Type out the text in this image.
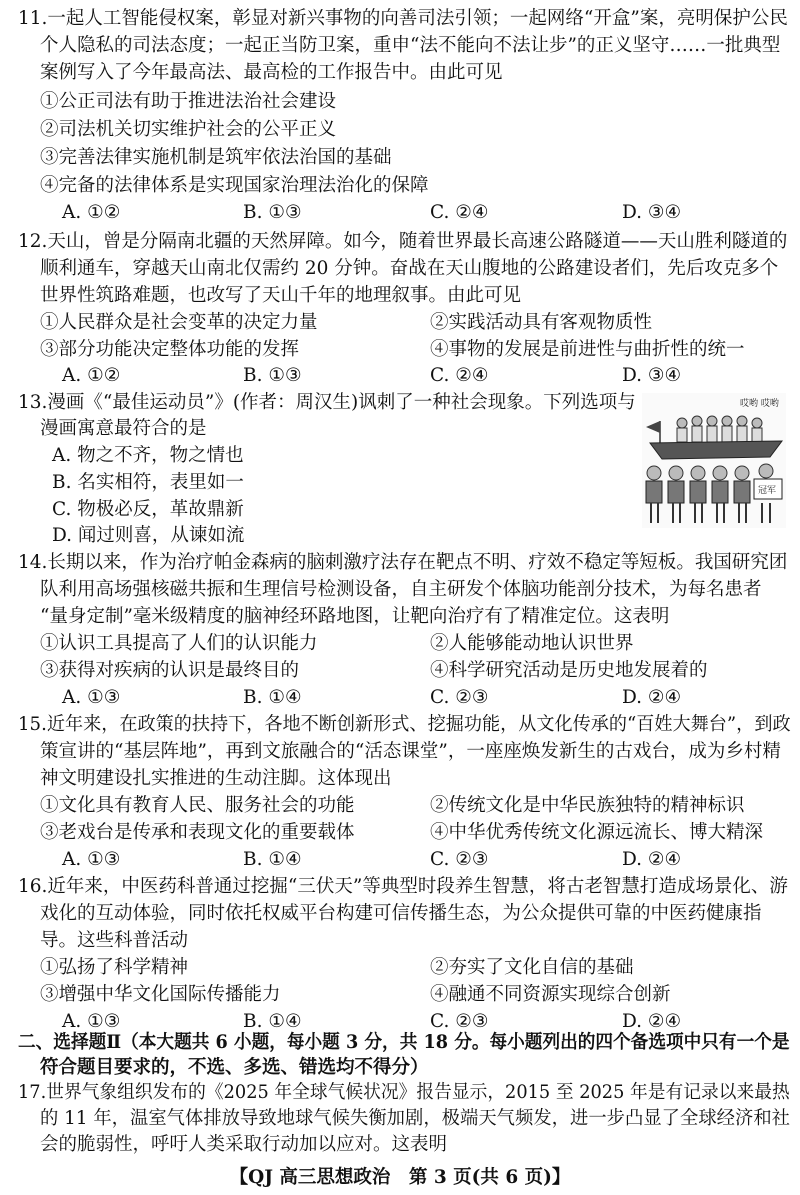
11.一起人工智能侵权案，彰显对新兴事物的向善司法引领；一起网络“开盒”案，亮明保护公民
个人隐私的司法态度；一起正当防卫案，重申“法不能向不法让步”的正义坚守……一批典型
案例写入了今年最高法、最高检的工作报告中。由此可见
①公正司法有助于推进法治社会建设
②司法机关切实维护社会的公平正义
③完善法律实施机制是筑牢依法治国的基础
④完备的法律体系是实现国家治理法治化的保障
A. ①②	B. ①③	C. ②④	D. ③④
12.天山，曾是分隔南北疆的天然屏障。如今，随着世界最长高速公路隧道——天山胜利隧道的
顺利通车，穿越天山南北仅需约 20 分钟。奋战在天山腹地的公路建设者们，先后攻克多个
世界性筑路难题，也改写了天山千年的地理叙事。由此可见
①人民群众是社会变革的决定力量	②实践活动具有客观物质性
③部分功能决定整体功能的发挥	④事物的发展是前进性与曲折性的统一
A. ①②	B. ①③	C. ②④	D. ③④
13.漫画《“最佳运动员”》(作者：周汉生)讽刺了一种社会现象。下列选项与
漫画寓意最符合的是
A. 物之不齐，物之情也
B. 名实相符，表里如一
C. 物极必反，革故鼎新
D. 闻过则喜，从谏如流
哎哟 哎哟
冠军
14.长期以来，作为治疗帕金森病的脑刺激疗法存在靶点不明、疗效不稳定等短板。我国研究团
队利用高场强核磁共振和生理信号检测设备，自主研发个体脑功能剖分技术，为每名患者
“量身定制”毫米级精度的脑神经环路地图，让靶向治疗有了精准定位。这表明
①认识工具提高了人们的认识能力	②人能够能动地认识世界
③获得对疾病的认识是最终目的	④科学研究活动是历史地发展着的
A. ①③	B. ①④	C. ②③	D. ②④
15.近年来，在政策的扶持下，各地不断创新形式、挖掘功能，从文化传承的“百姓大舞台”，到政
策宣讲的“基层阵地”，再到文旅融合的“活态课堂”，一座座焕发新生的古戏台，成为乡村精
神文明建设扎实推进的生动注脚。这体现出
①文化具有教育人民、服务社会的功能	②传统文化是中华民族独特的精神标识
③老戏台是传承和表现文化的重要载体	④中华优秀传统文化源远流长、博大精深
A. ①③	B. ①④	C. ②③	D. ②④
16.近年来，中医药科普通过挖掘“三伏天”等典型时段养生智慧，将古老智慧打造成场景化、游
戏化的互动体验，同时依托权威平台构建可信传播生态，为公众提供可靠的中医药健康指
导。这些科普活动
①弘扬了科学精神	②夯实了文化自信的基础
③增强中华文化国际传播能力	④融通不同资源实现综合创新
A. ①③	B. ①④	C. ②③	D. ②④
二、选择题Ⅱ（本大题共 6 小题，每小题 3 分，共 18 分。每小题列出的四个备选项中只有一个是
符合题目要求的，不选、多选、错选均不得分）
17.世界气象组织发布的《2025 年全球气候状况》报告显示，2015 至 2025 年是有记录以来最热
的 11 年，温室气体排放导致地球气候失衡加剧，极端天气频发，进一步凸显了全球经济和社
会的脆弱性，呼吁人类采取行动加以应对。这表明
【QJ 高三思想政治　第 3 页(共 6 页)】
